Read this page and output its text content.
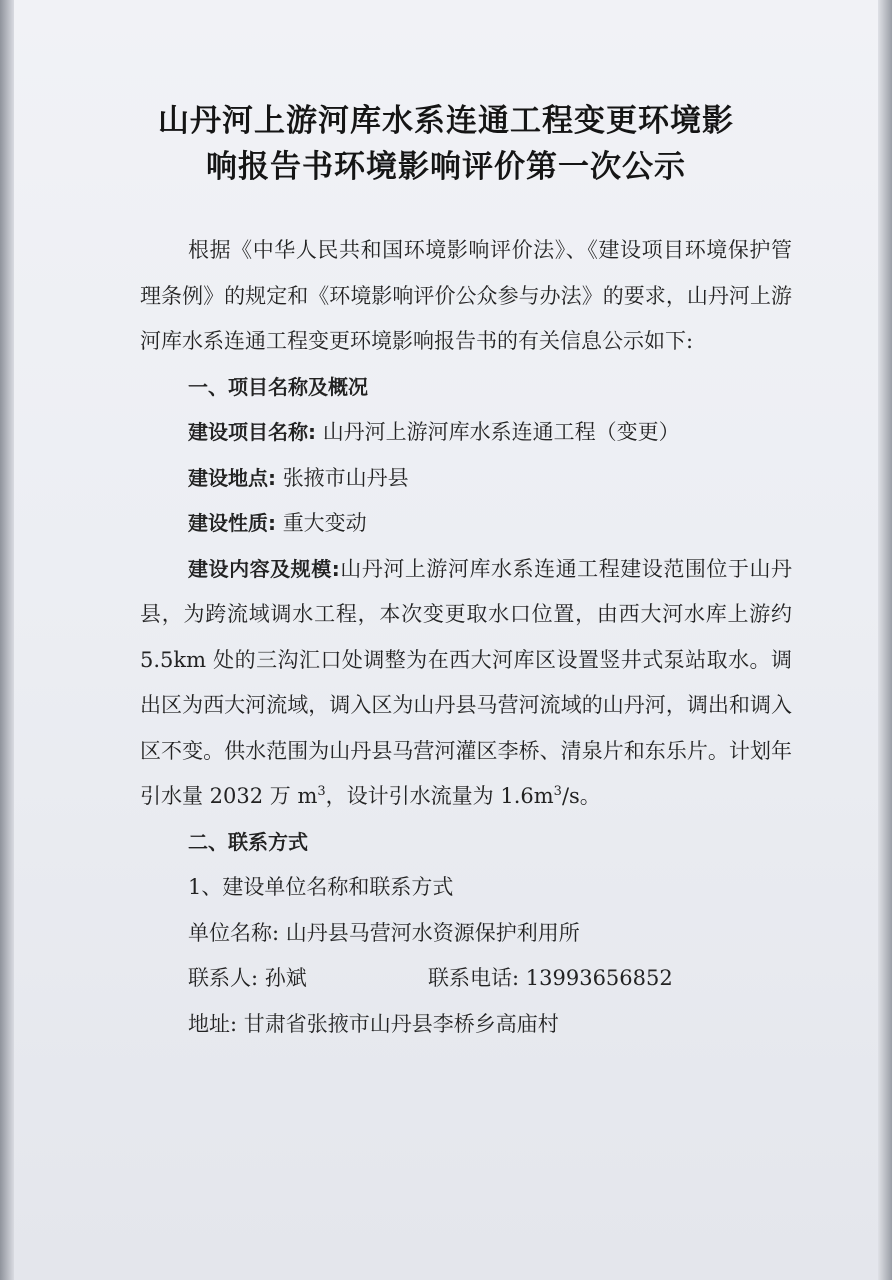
山丹河上游河库水系连通工程变更环境影
响报告书环境影响评价第一次公示

根据《中华人民共和国环境影响评价法》、《建设项目环境保护管理条例》的规定和《环境影响评价公众参与办法》的要求，山丹河上游河库水系连通工程变更环境影响报告书的有关信息公示如下:

一、项目名称及概况

建设项目名称: 山丹河上游河库水系连通工程（变更）

建设地点: 张掖市山丹县

建设性质: 重大变动

建设内容及规模:山丹河上游河库水系连通工程建设范围位于山丹县，为跨流域调水工程，本次变更取水口位置，由西大河水库上游约 5.5km 处的三沟汇口处调整为在西大河库区设置竖井式泵站取水。调出区为西大河流域，调入区为山丹县马营河流域的山丹河，调出和调入区不变。供水范围为山丹县马营河灌区李桥、清泉片和东乐片。计划年引水量 2032 万 $m^3$，设计引水流量为 $1.6m^3/s$。

二、联系方式

1、建设单位名称和联系方式

单位名称: 山丹县马营河水资源保护利用所

联系人: 孙斌	联系电话: 13993656852

地址: 甘肃省张掖市山丹县李桥乡高庙村
